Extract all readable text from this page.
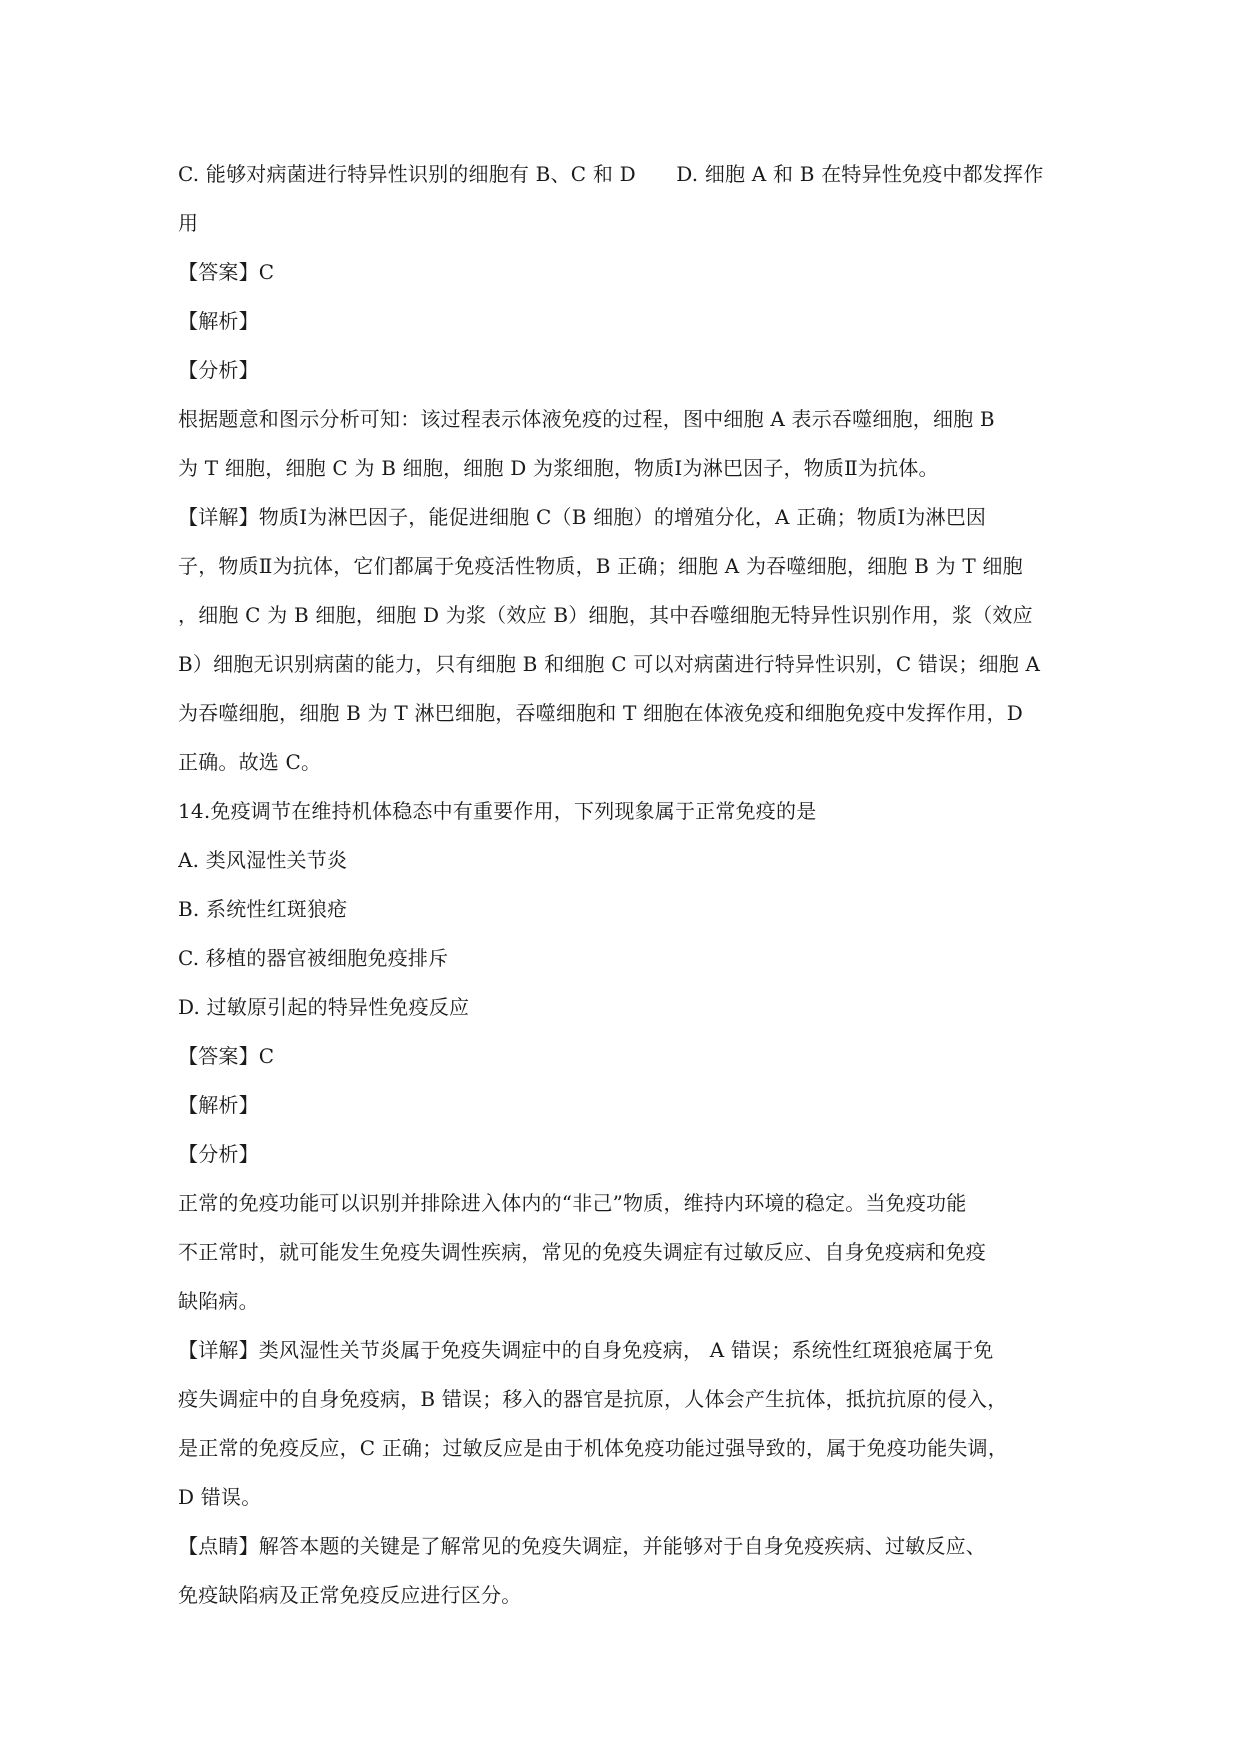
C. 能够对病菌进行特异性识别的细胞有 B、C 和 D　　D. 细胞 A 和 B 在特异性免疫中都发挥作
用
【答案】C
【解析】
【分析】
根据题意和图示分析可知：该过程表示体液免疫的过程，图中细胞 A 表示吞噬细胞，细胞 B
为 T 细胞，细胞 C 为 B 细胞，细胞 D 为浆细胞，物质Ⅰ为淋巴因子，物质Ⅱ为抗体。
【详解】物质Ⅰ为淋巴因子，能促进细胞 C（B 细胞）的增殖分化，A 正确；物质Ⅰ为淋巴因
子，物质Ⅱ为抗体，它们都属于免疫活性物质，B 正确；细胞 A 为吞噬细胞，细胞 B 为 T 细胞
，细胞 C 为 B 细胞，细胞 D 为浆（效应 B）细胞，其中吞噬细胞无特异性识别作用，浆（效应
B）细胞无识别病菌的能力，只有细胞 B 和细胞 C 可以对病菌进行特异性识别，C 错误；细胞 A
为吞噬细胞，细胞 B 为 T 淋巴细胞，吞噬细胞和 T 细胞在体液免疫和细胞免疫中发挥作用，D
正确。故选 C。
14.免疫调节在维持机体稳态中有重要作用，下列现象属于正常免疫的是
A. 类风湿性关节炎
B. 系统性红斑狼疮
C. 移植的器官被细胞免疫排斥
D. 过敏原引起的特异性免疫反应
【答案】C
【解析】
【分析】
正常的免疫功能可以识别并排除进入体内的“非己”物质，维持内环境的稳定。当免疫功能
不正常时，就可能发生免疫失调性疾病，常见的免疫失调症有过敏反应、自身免疫病和免疫
缺陷病。
【详解】类风湿性关节炎属于免疫失调症中的自身免疫病， A 错误；系统性红斑狼疮属于免
疫失调症中的自身免疫病，B 错误；移入的器官是抗原，人体会产生抗体，抵抗抗原的侵入，
是正常的免疫反应，C 正确；过敏反应是由于机体免疫功能过强导致的，属于免疫功能失调，
D 错误。
【点睛】解答本题的关键是了解常见的免疫失调症，并能够对于自身免疫疾病、过敏反应、
免疫缺陷病及正常免疫反应进行区分。
